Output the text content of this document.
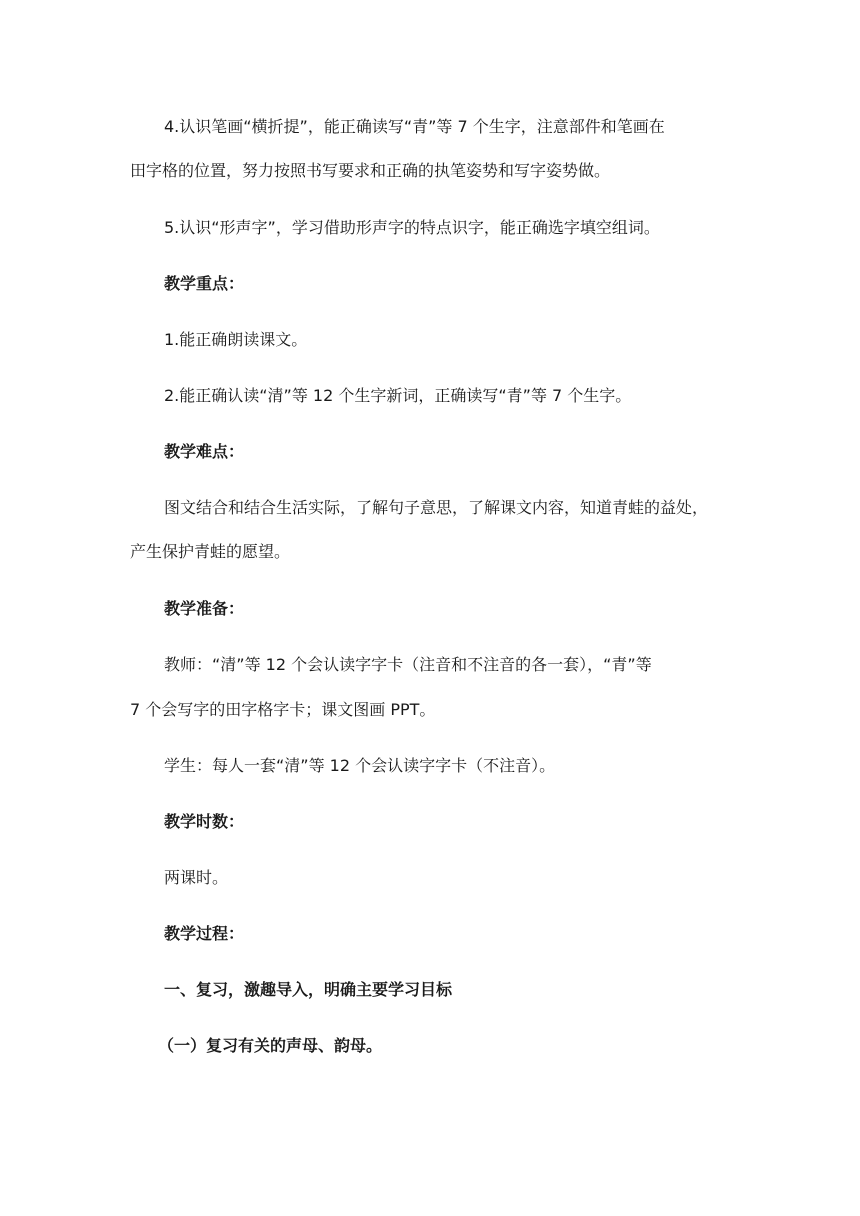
4.认识笔画“横折提”，能正确读写“青”等 7 个生字，注意部件和笔画在
田字格的位置，努力按照书写要求和正确的执笔姿势和写字姿势做。
5.认识“形声字”，学习借助形声字的特点识字，能正确选字填空组词。
教学重点：
1.能正确朗读课文。
2.能正确认读“清”等 12 个生字新词，正确读写“青”等 7 个生字。
教学难点：
图文结合和结合生活实际，了解句子意思，了解课文内容，知道青蛙的益处，
产生保护青蛙的愿望。
教学准备：
教师：“清”等 12 个会认读字字卡（注音和不注音的各一套），“青”等
7 个会写字的田字格字卡；课文图画 PPT。
学生：每人一套“清”等 12 个会认读字字卡（不注音）。
教学时数：
两课时。
教学过程：
一、复习，激趣导入，明确主要学习目标
（一）复习有关的声母、韵母。
